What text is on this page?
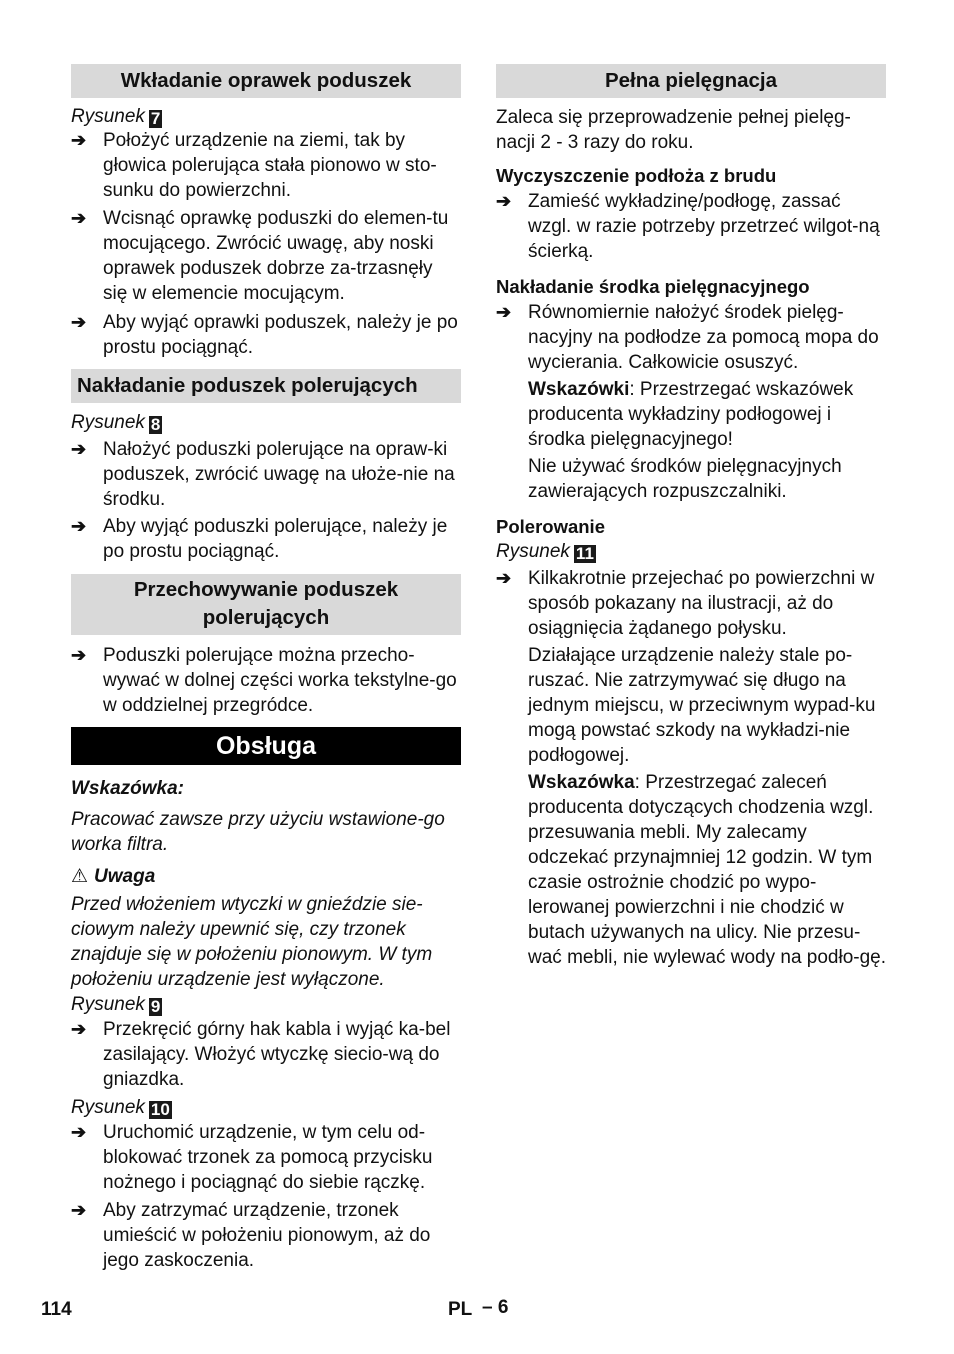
Wkładanie oprawek poduszek
Rysunek 7
➔ Położyć urządzenie na ziemi, tak by głowica polerująca stała pionowo w sto-sunku do powierzchni.
➔ Wcisnąć oprawkę poduszki do elemen-tu mocującego. Zwrócić uwagę, aby noski oprawek poduszek dobrze za-trzasnęły się w elemencie mocującym.
➔ Aby wyjąć oprawki poduszek, należy je po prostu pociągnąć.
Nakładanie poduszek polerujących
Rysunek 8
➔ Nałożyć poduszki polerujące na opraw-ki poduszek, zwrócić uwagę na ułoże-nie na środku.
➔ Aby wyjąć poduszki polerujące, należy je po prostu pociągnąć.
Przechowywanie poduszek
polerujących
➔ Poduszki polerujące można przecho-wywać w dolnej części worka tekstylne-go w oddzielnej przegródce.
Obsługa
Wskazówka:
Pracować zawsze przy użyciu wstawione-go worka filtra.
⚠ Uwaga
Przed włożeniem wtyczki w gnieździe sie-ciowym należy upewnić się, czy trzonek znajduje się w położeniu pionowym. W tym położeniu urządzenie jest wyłączone.
Rysunek 9
➔ Przekręcić górny hak kabla i wyjąć ka-bel zasilający. Włożyć wtyczkę siecio-wą do gniazdka.
Rysunek 10
➔ Uruchomić urządzenie, w tym celu od-blokować trzonek za pomocą przycisku nożnego i pociągnąć do siebie rączkę.
➔ Aby zatrzymać urządzenie, trzonek umieścić w położeniu pionowym, aż do jego zaskoczenia.
Pełna pielęgnacja
Zaleca się przeprowadzenie pełnej pielęg-nacji 2 - 3 razy do roku.
Wyczyszczenie podłoża z brudu
➔ Zamieść wykładzinę/podłogę, zassać wzgl. w razie potrzeby przetrzeć wilgot-ną ścierką.
Nakładanie środka pielęgnacyjnego
➔ Równomiernie nałożyć środek pielęg-nacyjny na podłodze za pomocą mopa do wycierania. Całkowicie osuszyć.
Wskazówki: Przestrzegać wskazówek producenta wykładziny podłogowej i środka pielęgnacyjnego!
Nie używać środków pielęgnacyjnych zawierających rozpuszczalniki.
Polerowanie
Rysunek 11
➔ Kilkakrotnie przejechać po powierzchni w sposób pokazany na ilustracji, aż do osiągnięcia żądanego połysku.
Działające urządzenie należy stale po-ruszać. Nie zatrzymywać się długo na jednym miejscu, w przeciwnym wypad-ku mogą powstać szkody na wykładzi-nie podłogowej.
Wskazówka: Przestrzegać zaleceń producenta dotyczących chodzenia wzgl. przesuwania mebli. My zalecamy odczekać przynajmniej 12 godzin. W tym czasie ostrożnie chodzić po wypo-lerowanej powierzchni i nie chodzić w butach używanych na ulicy. Nie przesu-wać mebli, nie wylewać wody na podło-gę.
114	PL – 6
